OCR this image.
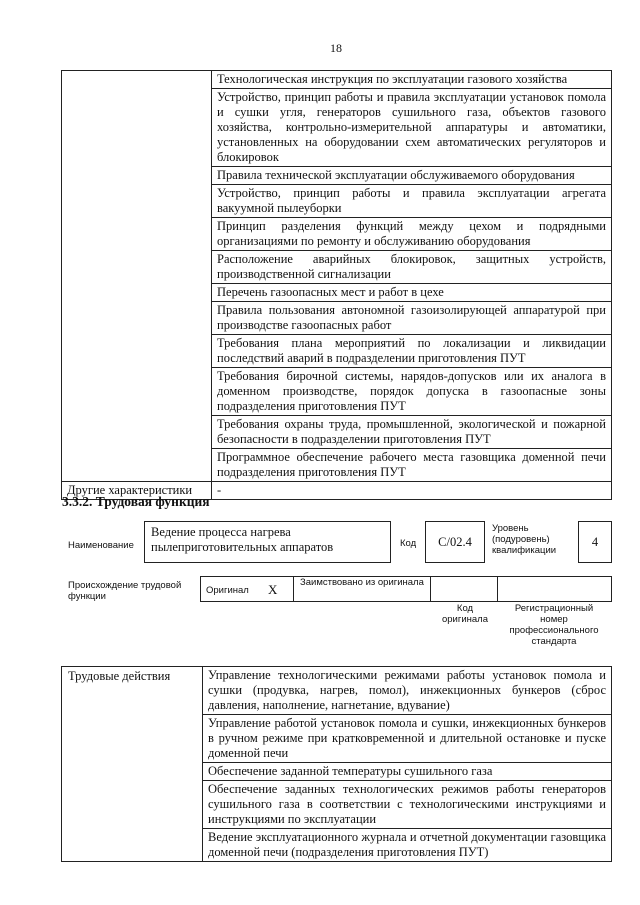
18
	Технологическая инструкция по эксплуатации газового хозяйства
	Устройство, принцип работы и правила эксплуатации установок помола и сушки угля, генераторов сушильного газа, объектов газового хозяйства, контрольно-измерительной аппаратуры и автоматики, установленных на оборудовании схем автоматических регуляторов и блокировок
	Правила технической эксплуатации обслуживаемого оборудования
	Устройство, принцип работы и правила эксплуатации агрегата вакуумной пылеуборки
	Принцип разделения функций между цехом и подрядными организациями по ремонту и обслуживанию оборудования
	Расположение аварийных блокировок, защитных устройств, производственной сигнализации
	Перечень газоопасных мест и работ в цехе
	Правила пользования автономной газоизолирующей аппаратурой при производстве газоопасных работ
	Требования плана мероприятий по локализации и ликвидации последствий аварий в подразделении приготовления ПУТ
	Требования бирочной системы, нарядов-допусков или их аналога в доменном производстве, порядок допуска в газоопасные зоны подразделения приготовления ПУТ
	Требования охраны труда, промышленной, экологической и пожарной безопасности в подразделении приготовления ПУТ
	Программное обеспечение рабочего места газовщика доменной печи подразделения приготовления ПУТ
Другие характеристики	-
3.3.2. Трудовая функция
Наименование
Ведение процесса нагрева пылеприготовительных аппаратов	Код C/02.4
Уровень (подуровень) квалификации
4
Происхождение трудовой функции
Оригинал X Заимствовано из оригинала
Код оригинала
Регистрационный номер профессионального стандарта
Трудовые действия	Управление технологическими режимами работы установок помола и сушки (продувка, нагрев, помол), инжекционных бункеров (сброс давления, наполнение, нагнетание, вдувание)
Управление работой установок помола и сушки, инжекционных бункеров в ручном режиме при кратковременной и длительной остановке и пуске доменной печи
Обеспечение заданной температуры сушильного газа
Обеспечение заданных технологических режимов работы генераторов сушильного газа в соответствии с технологическими инструкциями и инструкциями по эксплуатации
Ведение эксплуатационного журнала и отчетной документации газовщика доменной печи (подразделения приготовления ПУТ)
